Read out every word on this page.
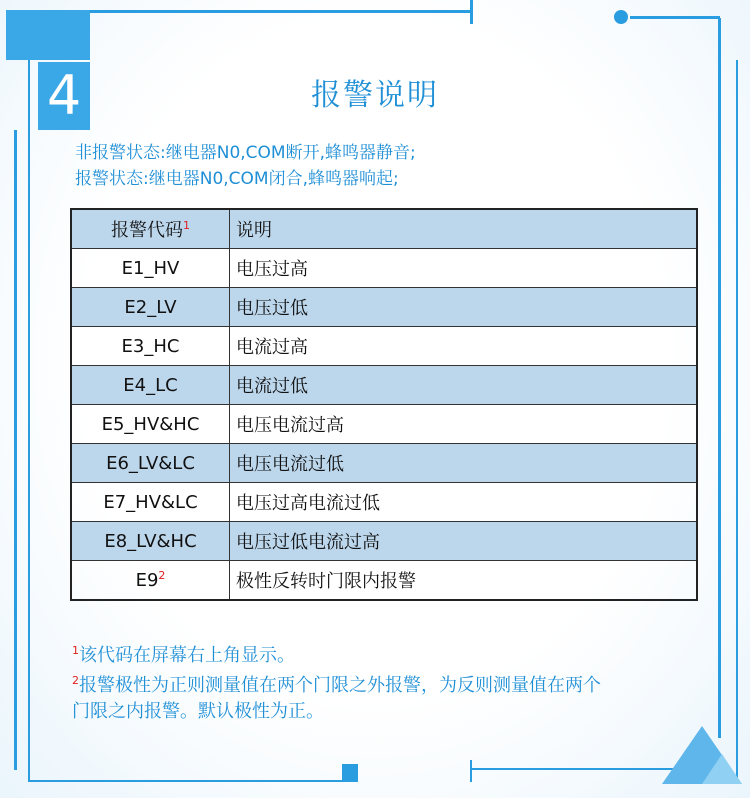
4	报警说明
非报警状态:继电器N0,COM断开,蜂鸣器静音;
报警状态:继电器N0,COM闭合,蜂鸣器响起;
报警代码$^1$	说明
E1_HV	电压过高
E2_LV	电压过低
E3_HC	电流过高
E4_LC	电流过低
E5_HV&HC	电压电流过高
E6_LV&LC	电压电流过低
E7_HV&LC	电压过高电流过低
E8_LV&HC	电压过低电流过高
$E9^2$	极性反转时门限内报警
$^1$该代码在屏幕右上角显示。
$^2$报警极性为正则测量值在两个门限之外报警，为反则测量值在两个
门限之内报警。默认极性为正。
